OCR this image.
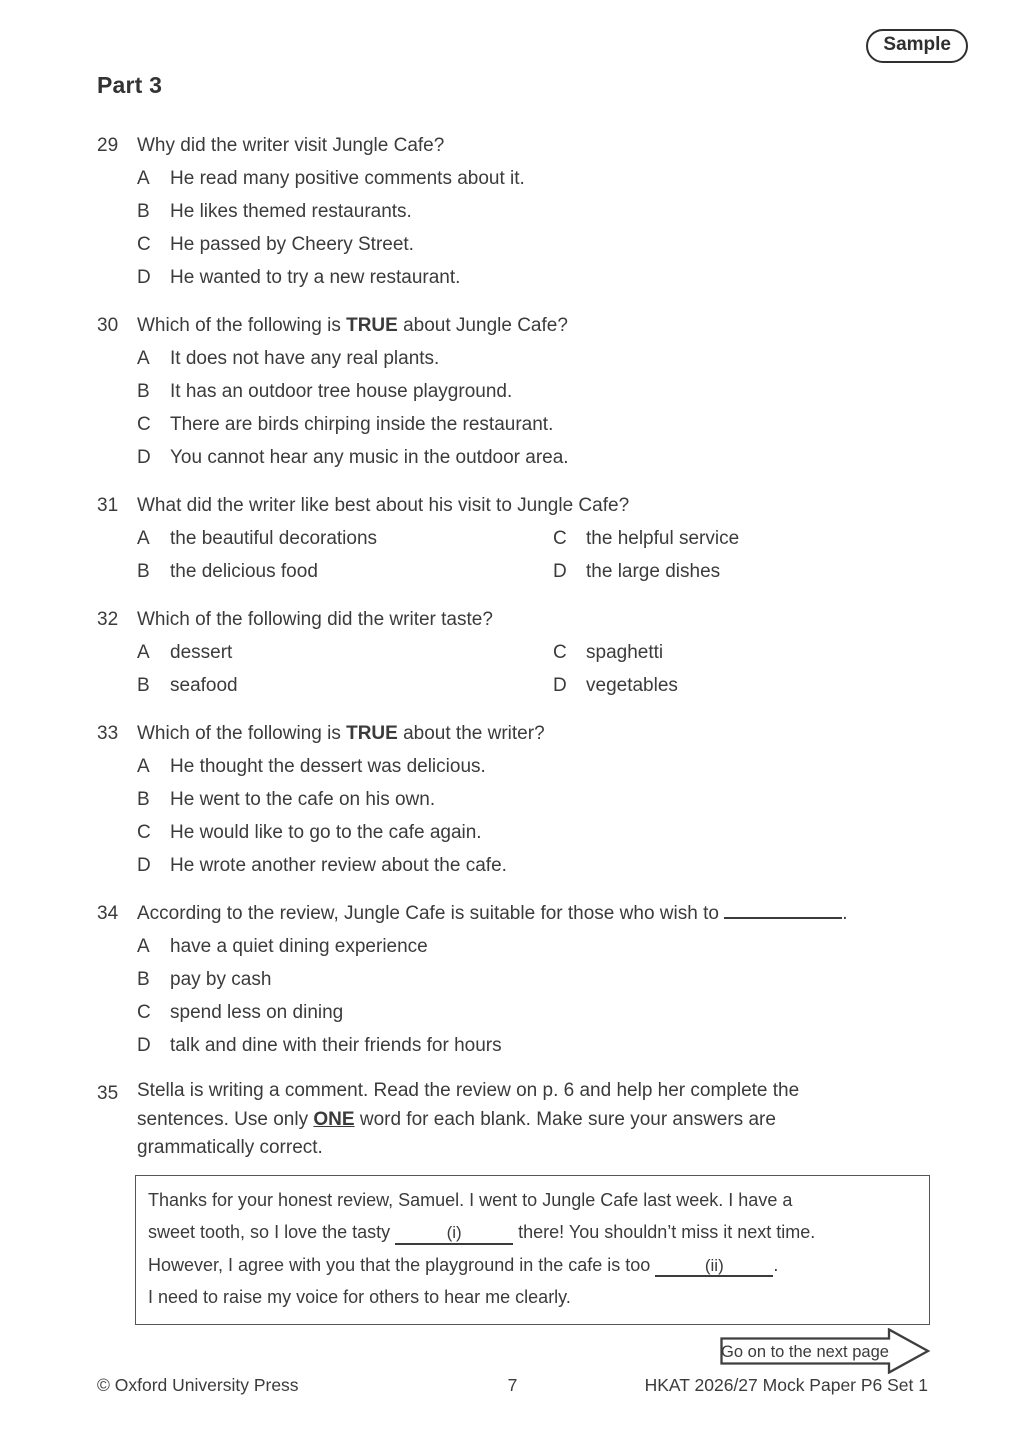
Sample
Part 3
29 Why did the writer visit Jungle Cafe?
A	He read many positive comments about it.
B	He likes themed restaurants.
C	He passed by Cheery Street.
D	He wanted to try a new restaurant.
30 Which of the following is TRUE about Jungle Cafe?
A	It does not have any real plants.
B	It has an outdoor tree house playground.
C	There are birds chirping inside the restaurant.
D	You cannot hear any music in the outdoor area.
31 What did the writer like best about his visit to Jungle Cafe?
A	the beautiful decorations
B	the delicious food
C	the helpful service
D	the large dishes
32 Which of the following did the writer taste?
A	dessert
B	seafood
C	spaghetti
D	vegetables
33 Which of the following is TRUE about the writer?
A	He thought the dessert was delicious.
B	He went to the cafe on his own.
C	He would like to go to the cafe again.
D	He wrote another review about the cafe.
34 According to the review, Jungle Cafe is suitable for those who wish to	.
A	have a quiet dining experience
B	pay by cash
C	spend less on dining
D	talk and dine with their friends for hours
35 Stella is writing a comment. Read the review on p. 6 and help her complete the sentences. Use only ONE word for each blank. Make sure your answers are grammatically correct.
Thanks for your honest review, Samuel. I went to Jungle Cafe last week. I have a
sweet tooth, so I love the tasty	(i)	there! You shouldn’t miss it next time.
However, I agree with you that the playground in the cafe is too	(ii)	.
I need to raise my voice for others to hear me clearly.
Go on to the next page
© Oxford University Press	7	HKAT 2026/27 Mock Paper P6 Set 1
